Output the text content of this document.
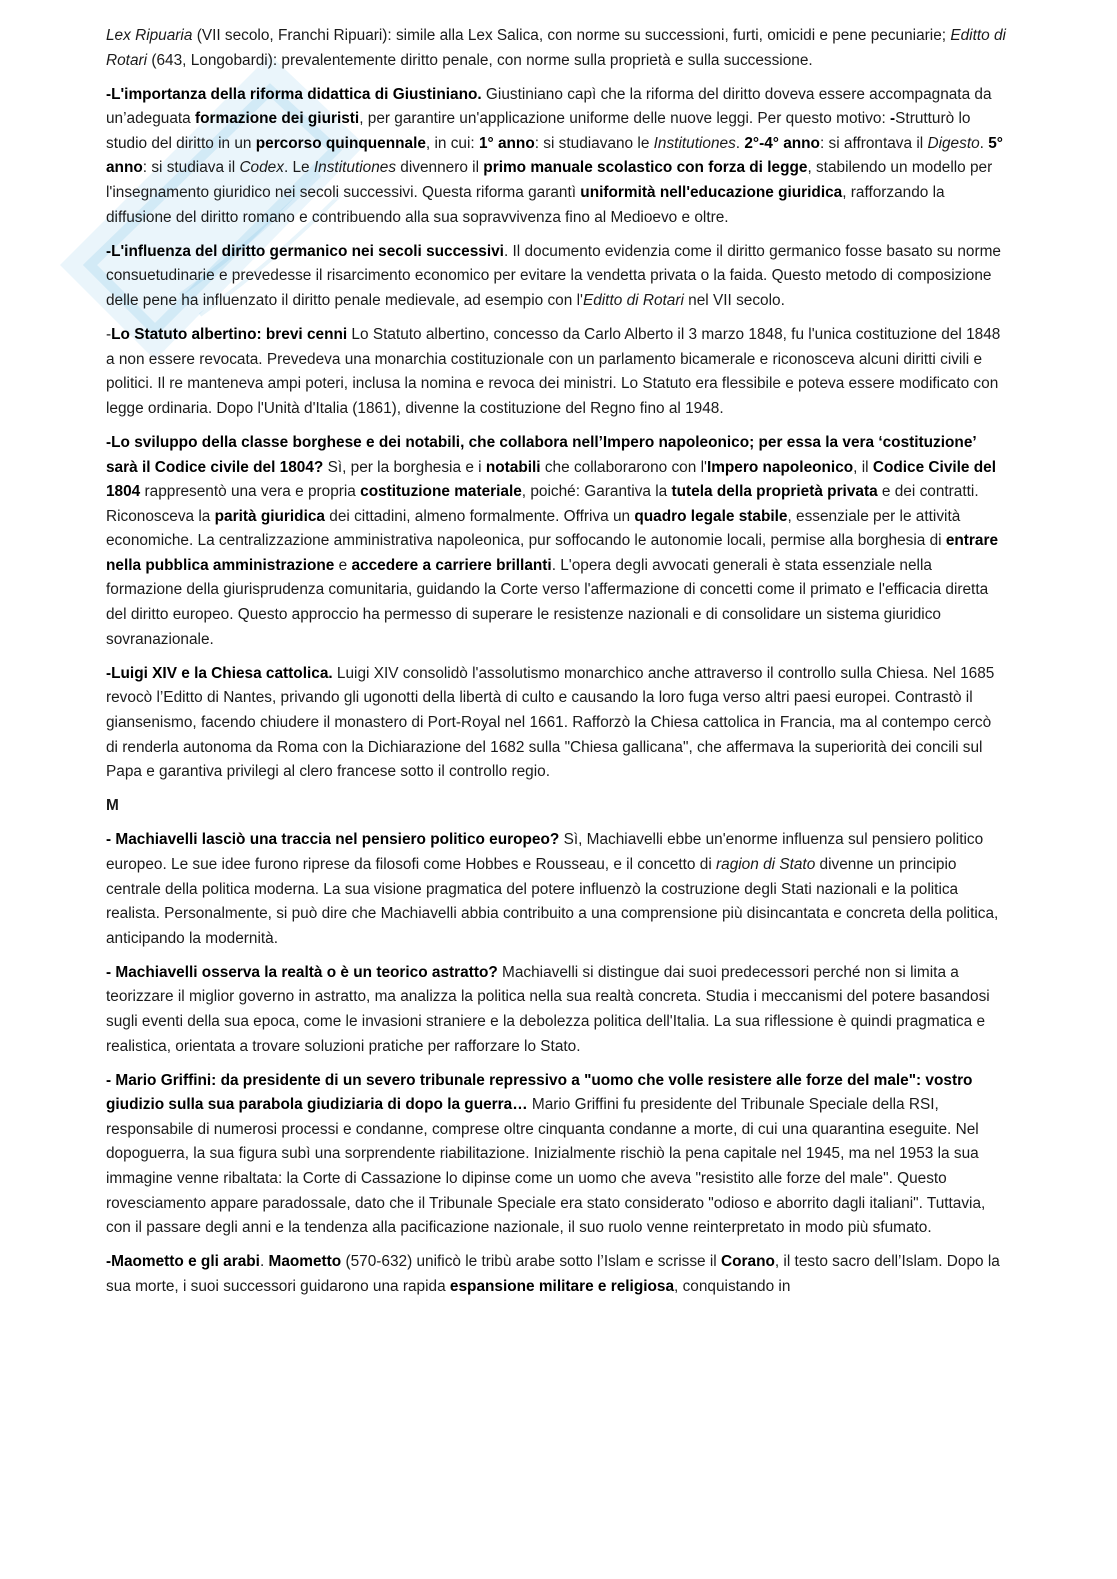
Lex Ripuaria (VII secolo, Franchi Ripuari): simile alla Lex Salica, con norme su successioni, furti, omicidi e pene pecuniarie; Editto di Rotari (643, Longobardi): prevalentemente diritto penale, con norme sulla proprietà e sulla successione.

-L'importanza della riforma didattica di Giustiniano. Giustiniano capì che la riforma del diritto doveva essere accompagnata da un’adeguata formazione dei giuristi, per garantire un'applicazione uniforme delle nuove leggi. Per questo motivo: -Strutturò lo studio del diritto in un percorso quinquennale, in cui: 1° anno: si studiavano le Institutiones. 2°-4° anno: si affrontava il Digesto. 5° anno: si studiava il Codex. Le Institutiones divennero il primo manuale scolastico con forza di legge, stabilendo un modello per l'insegnamento giuridico nei secoli successivi. Questa riforma garantì uniformità nell'educazione giuridica, rafforzando la diffusione del diritto romano e contribuendo alla sua sopravvivenza fino al Medioevo e oltre.

-L'influenza del diritto germanico nei secoli successivi. Il documento evidenzia come il diritto germanico fosse basato su norme consuetudinarie e prevedesse il risarcimento economico per evitare la vendetta privata o la faida. Questo metodo di composizione delle pene ha influenzato il diritto penale medievale, ad esempio con l'Editto di Rotari nel VII secolo.

-Lo Statuto albertino: brevi cenni Lo Statuto albertino, concesso da Carlo Alberto il 3 marzo 1848, fu l'unica costituzione del 1848 a non essere revocata. Prevedeva una monarchia costituzionale con un parlamento bicamerale e riconosceva alcuni diritti civili e politici. Il re manteneva ampi poteri, inclusa la nomina e revoca dei ministri. Lo Statuto era flessibile e poteva essere modificato con legge ordinaria. Dopo l'Unità d'Italia (1861), divenne la costituzione del Regno fino al 1948.

-Lo sviluppo della classe borghese e dei notabili, che collabora nell’Impero napoleonico; per essa la vera ‘costituzione’ sarà il Codice civile del 1804? Sì, per la borghesia e i notabili che collaborarono con l'Impero napoleonico, il Codice Civile del 1804 rappresentò una vera e propria costituzione materiale, poiché: Garantiva la tutela della proprietà privata e dei contratti. Riconosceva la parità giuridica dei cittadini, almeno formalmente. Offriva un quadro legale stabile, essenziale per le attività economiche. La centralizzazione amministrativa napoleonica, pur soffocando le autonomie locali, permise alla borghesia di entrare nella pubblica amministrazione e accedere a carriere brillanti. L'opera degli avvocati generali è stata essenziale nella formazione della giurisprudenza comunitaria, guidando la Corte verso l'affermazione di concetti come il primato e l'efficacia diretta del diritto europeo. Questo approccio ha permesso di superare le resistenze nazionali e di consolidare un sistema giuridico sovranazionale.

-Luigi XIV e la Chiesa cattolica. Luigi XIV consolidò l'assolutismo monarchico anche attraverso il controllo sulla Chiesa. Nel 1685 revocò l’Editto di Nantes, privando gli ugonotti della libertà di culto e causando la loro fuga verso altri paesi europei. Contrastò il giansenismo, facendo chiudere il monastero di Port-Royal nel 1661. Rafforzò la Chiesa cattolica in Francia, ma al contempo cercò di renderla autonoma da Roma con la Dichiarazione del 1682 sulla "Chiesa gallicana", che affermava la superiorità dei concili sul Papa e garantiva privilegi al clero francese sotto il controllo regio.

M

- Machiavelli lasciò una traccia nel pensiero politico europeo? Sì, Machiavelli ebbe un'enorme influenza sul pensiero politico europeo. Le sue idee furono riprese da filosofi come Hobbes e Rousseau, e il concetto di ragion di Stato divenne un principio centrale della politica moderna. La sua visione pragmatica del potere influenzò la costruzione degli Stati nazionali e la politica realista. Personalmente, si può dire che Machiavelli abbia contribuito a una comprensione più disincantata e concreta della politica, anticipando la modernità.

- Machiavelli osserva la realtà o è un teorico astratto? Machiavelli si distingue dai suoi predecessori perché non si limita a teorizzare il miglior governo in astratto, ma analizza la politica nella sua realtà concreta. Studia i meccanismi del potere basandosi sugli eventi della sua epoca, come le invasioni straniere e la debolezza politica dell'Italia. La sua riflessione è quindi pragmatica e realistica, orientata a trovare soluzioni pratiche per rafforzare lo Stato.

- Mario Griffini: da presidente di un severo tribunale repressivo a "uomo che volle resistere alle forze del male": vostro giudizio sulla sua parabola giudiziaria di dopo la guerra… Mario Griffini fu presidente del Tribunale Speciale della RSI, responsabile di numerosi processi e condanne, comprese oltre cinquanta condanne a morte, di cui una quarantina eseguite. Nel dopoguerra, la sua figura subì una sorprendente riabilitazione. Inizialmente rischiò la pena capitale nel 1945, ma nel 1953 la sua immagine venne ribaltata: la Corte di Cassazione lo dipinse come un uomo che aveva "resistito alle forze del male". Questo rovesciamento appare paradossale, dato che il Tribunale Speciale era stato considerato "odioso e aborrito dagli italiani". Tuttavia, con il passare degli anni e la tendenza alla pacificazione nazionale, il suo ruolo venne reinterpretato in modo più sfumato.

-Maometto e gli arabi. Maometto (570-632) unificò le tribù arabe sotto l’Islam e scrisse il Corano, il testo sacro dell’Islam. Dopo la sua morte, i suoi successori guidarono una rapida espansione militare e religiosa, conquistando in
